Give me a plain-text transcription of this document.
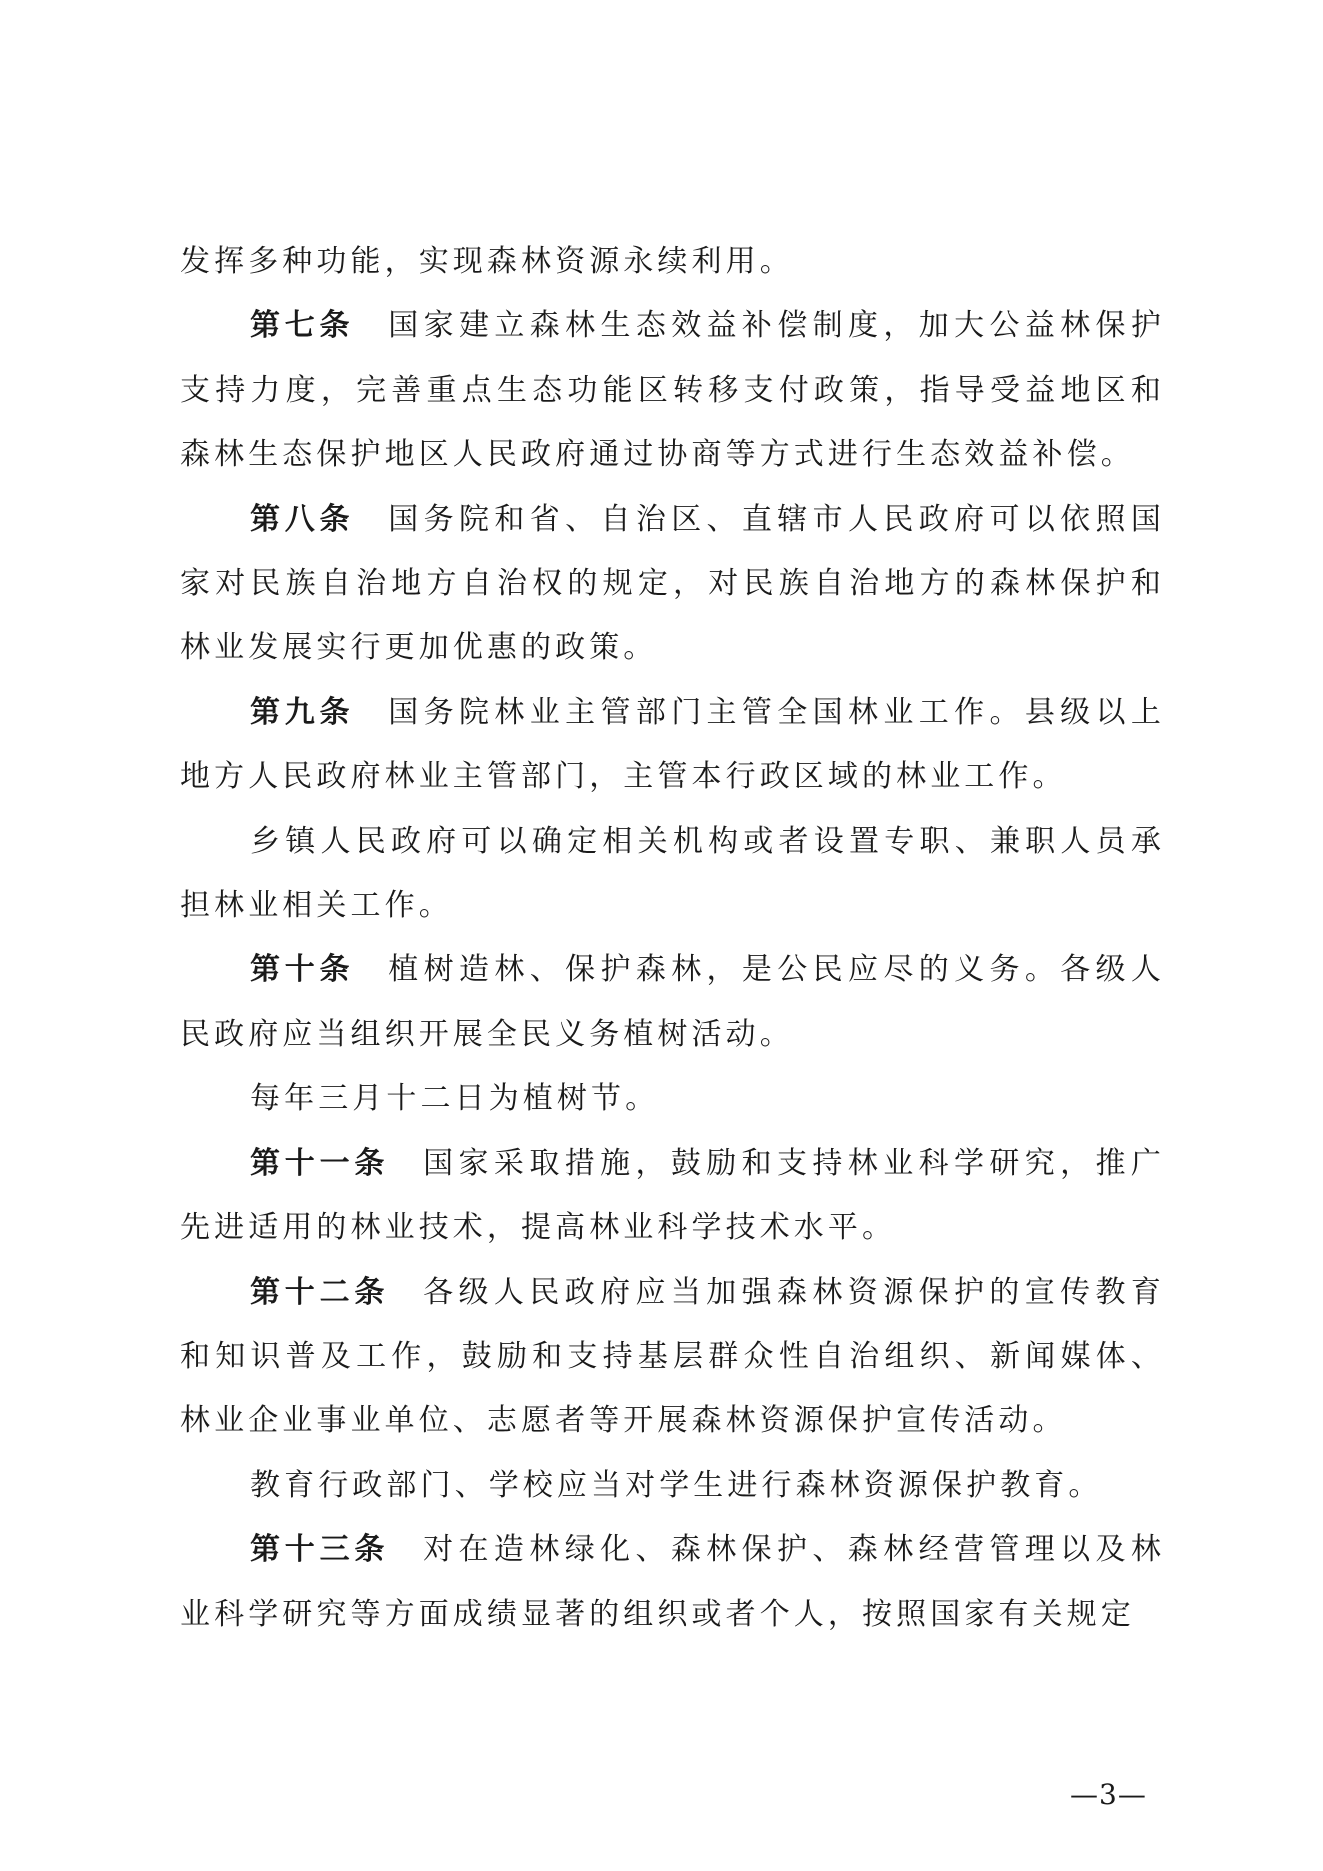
发挥多种功能，实现森林资源永续利用。

第七条 国家建立森林生态效益补偿制度，加大公益林保护支持力度，完善重点生态功能区转移支付政策，指导受益地区和森林生态保护地区人民政府通过协商等方式进行生态效益补偿。

第八条 国务院和省、自治区、直辖市人民政府可以依照国家对民族自治地方自治权的规定，对民族自治地方的森林保护和林业发展实行更加优惠的政策。

第九条 国务院林业主管部门主管全国林业工作。县级以上地方人民政府林业主管部门，主管本行政区域的林业工作。

乡镇人民政府可以确定相关机构或者设置专职、兼职人员承担林业相关工作。

第十条 植树造林、保护森林，是公民应尽的义务。各级人民政府应当组织开展全民义务植树活动。

每年三月十二日为植树节。

第十一条 国家采取措施，鼓励和支持林业科学研究，推广先进适用的林业技术，提高林业科学技术水平。

第十二条 各级人民政府应当加强森林资源保护的宣传教育和知识普及工作，鼓励和支持基层群众性自治组织、新闻媒体、林业企业事业单位、志愿者等开展森林资源保护宣传活动。

教育行政部门、学校应当对学生进行森林资源保护教育。

第十三条 对在造林绿化、森林保护、森林经营管理以及林业科学研究等方面成绩显著的组织或者个人，按照国家有关规定

—3—
